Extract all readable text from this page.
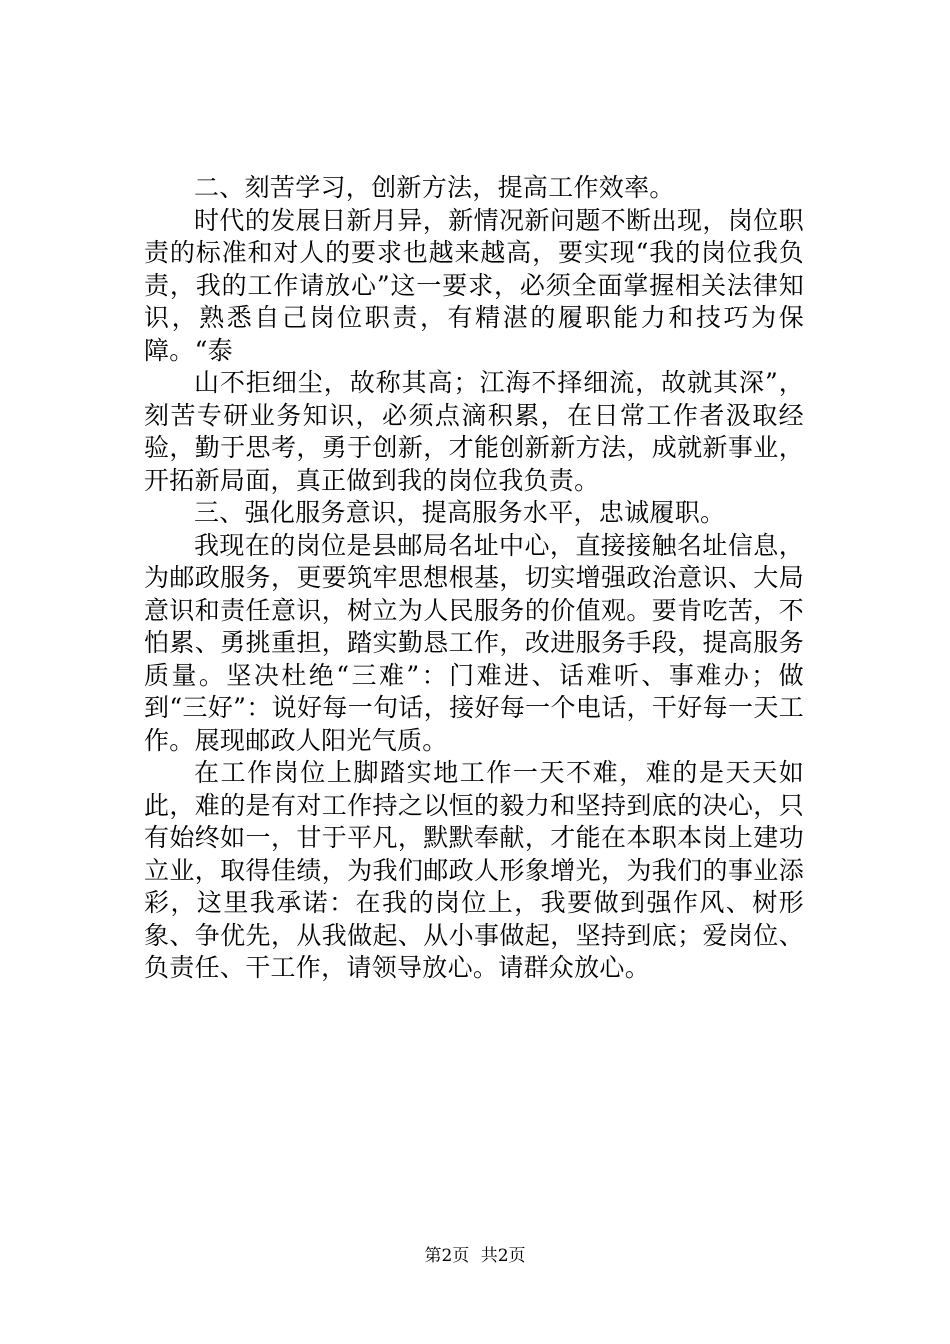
二、刻苦学习，创新方法，提高工作效率。

时代的发展日新月异，新情况新问题不断出现，岗位职责的标准和对人的要求也越来越高，要实现“我的岗位我负责，我的工作请放心”这一要求，必须全面掌握相关法律知识，熟悉自己岗位职责，有精湛的履职能力和技巧为保障。“泰

山不拒细尘，故称其高；江海不择细流，故就其深”，刻苦专研业务知识，必须点滴积累，在日常工作者汲取经验，勤于思考，勇于创新，才能创新新方法，成就新事业，开拓新局面，真正做到我的岗位我负责。

三、强化服务意识，提高服务水平，忠诚履职。

我现在的岗位是县邮局名址中心，直接接触名址信息，为邮政服务，更要筑牢思想根基，切实增强政治意识、大局意识和责任意识，树立为人民服务的价值观。要肯吃苦，不怕累、勇挑重担，踏实勤恳工作，改进服务手段，提高服务质量。坚决杜绝“三难”：门难进、话难听、事难办；做到“三好”：说好每一句话，接好每一个电话，干好每一天工作。展现邮政人阳光气质。

在工作岗位上脚踏实地工作一天不难，难的是天天如此，难的是有对工作持之以恒的毅力和坚持到底的决心，只有始终如一，甘于平凡，默默奉献，才能在本职本岗上建功立业，取得佳绩，为我们邮政人形象增光，为我们的事业添彩，这里我承诺：在我的岗位上，我要做到强作风、树形象、争优先，从我做起、从小事做起，坚持到底；爱岗位、负责任、干工作，请领导放心。请群众放心。

第2页 共2页
